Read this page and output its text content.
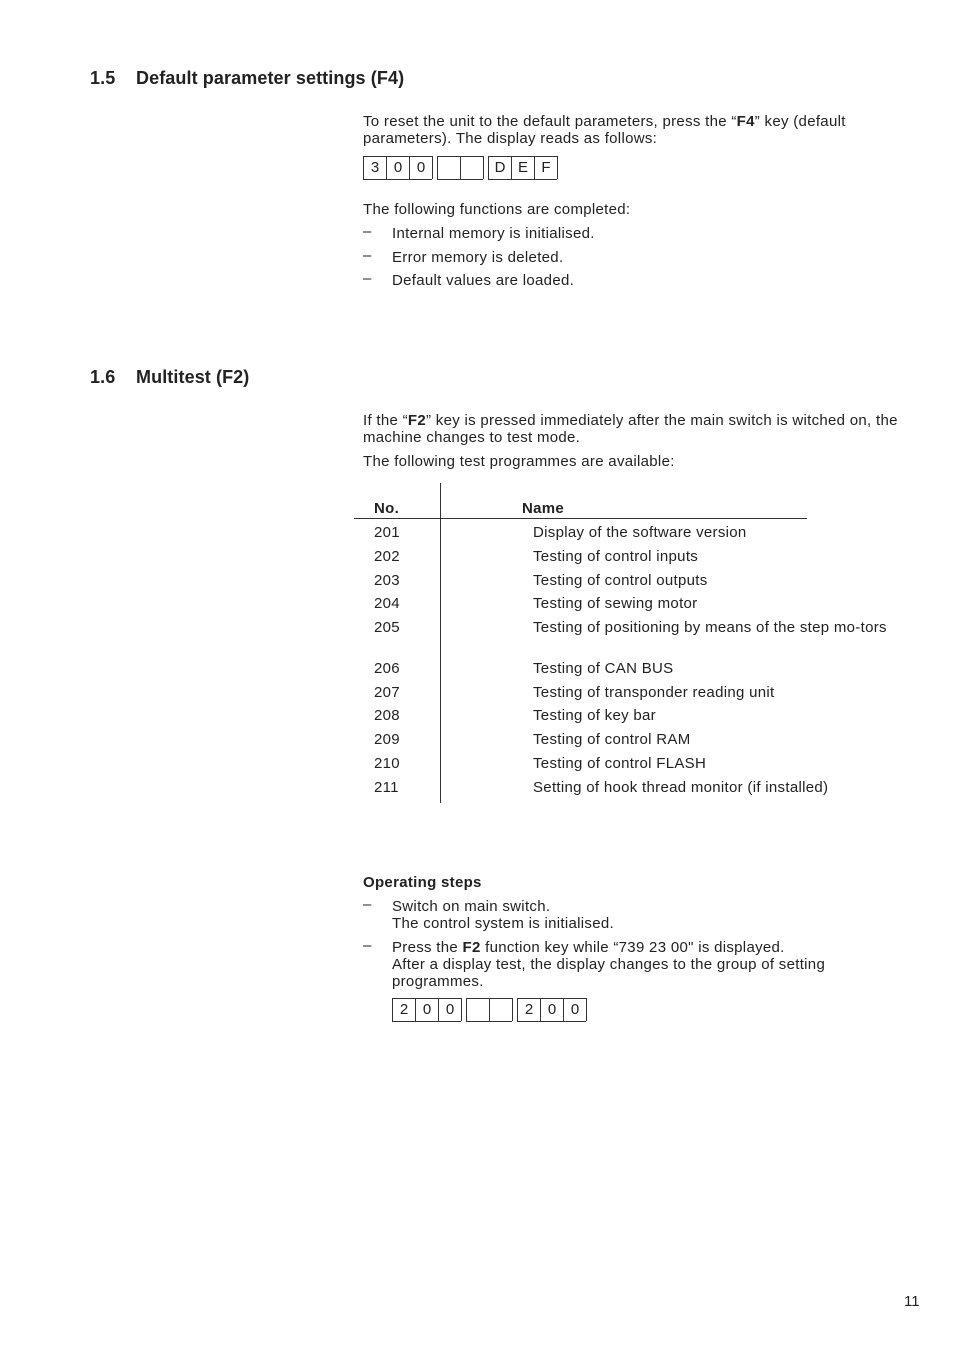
1.5 Default parameter settings (F4)
To reset the unit to the default parameters, press the “F4” key (default parameters). The display reads as follows:
3 0 0	D E F
The following functions are completed:
– Internal memory is initialised.
– Error memory is deleted.
– Default values are loaded.
1.6 Multitest (F2)
If the “F2” key is pressed immediately after the main switch is witched on, the machine changes to test mode.
The following test programmes are available:
No.	Name
201	Display of the software version
202	Testing of control inputs
203	Testing of control outputs
204	Testing of sewing motor
205	Testing of positioning by means of the step mo-tors
206	Testing of CAN BUS
207	Testing of transponder reading unit
208	Testing of key bar
209	Testing of control RAM
210	Testing of control FLASH
211	Setting of hook thread monitor (if installed)
Operating steps
– Switch on main switch.
The control system is initialised.
– Press the F2 function key while “739 23 00" is displayed.
After a display test, the display changes to the group of setting programmes.
2 0 0	2 0 0
11
